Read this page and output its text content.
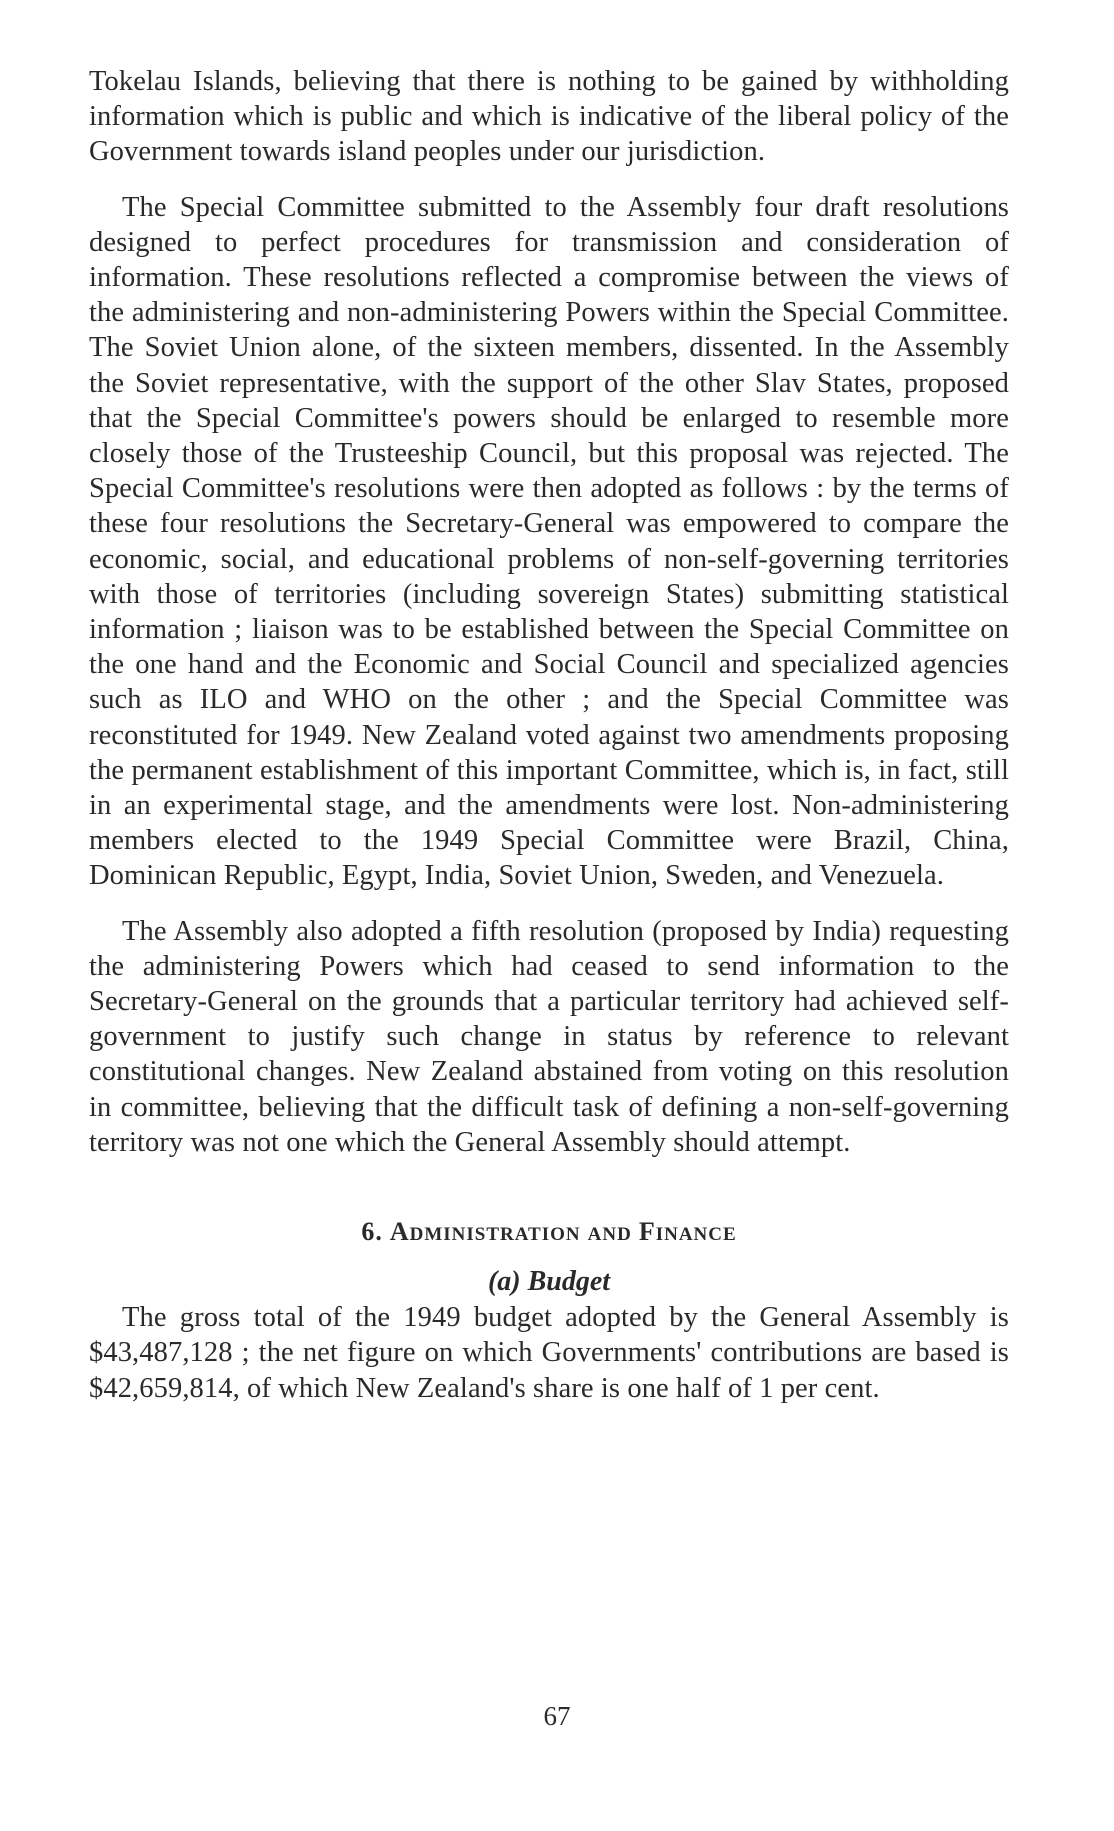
Tokelau Islands, believing that there is nothing to be gained by withholding information which is public and which is indicative of the liberal policy of the Government towards island peoples under our jurisdiction.

The Special Committee submitted to the Assembly four draft resolutions designed to perfect procedures for transmission and consideration of information. These resolutions reflected a compromise between the views of the administering and non-administering Powers within the Special Committee. The Soviet Union alone, of the sixteen members, dissented. In the Assembly the Soviet representative, with the support of the other Slav States, proposed that the Special Committee's powers should be enlarged to resemble more closely those of the Trusteeship Council, but this proposal was rejected. The Special Committee's resolutions were then adopted as follows : by the terms of these four resolutions the Secretary-General was empowered to compare the economic, social, and educational problems of non-self-governing territories with those of territories (including sovereign States) submitting statistical information ; liaison was to be established between the Special Committee on the one hand and the Economic and Social Council and specialized agencies such as ILO and WHO on the other ; and the Special Committee was reconstituted for 1949. New Zealand voted against two amendments proposing the permanent establishment of this important Committee, which is, in fact, still in an experimental stage, and the amendments were lost. Non-administering members elected to the 1949 Special Committee were Brazil, China, Dominican Republic, Egypt, India, Soviet Union, Sweden, and Venezuela.

The Assembly also adopted a fifth resolution (proposed by India) requesting the administering Powers which had ceased to send information to the Secretary-General on the grounds that a particular territory had achieved self-government to justify such change in status by reference to relevant constitutional changes. New Zealand abstained from voting on this resolution in committee, believing that the difficult task of defining a non-self-governing territory was not one which the General Assembly should attempt.

6. ADMINISTRATION AND FINANCE
(a) Budget

The gross total of the 1949 budget adopted by the General Assembly is $43,487,128 ; the net figure on which Governments' contributions are based is $42,659,814, of which New Zealand's share is one half of 1 per cent.

67
